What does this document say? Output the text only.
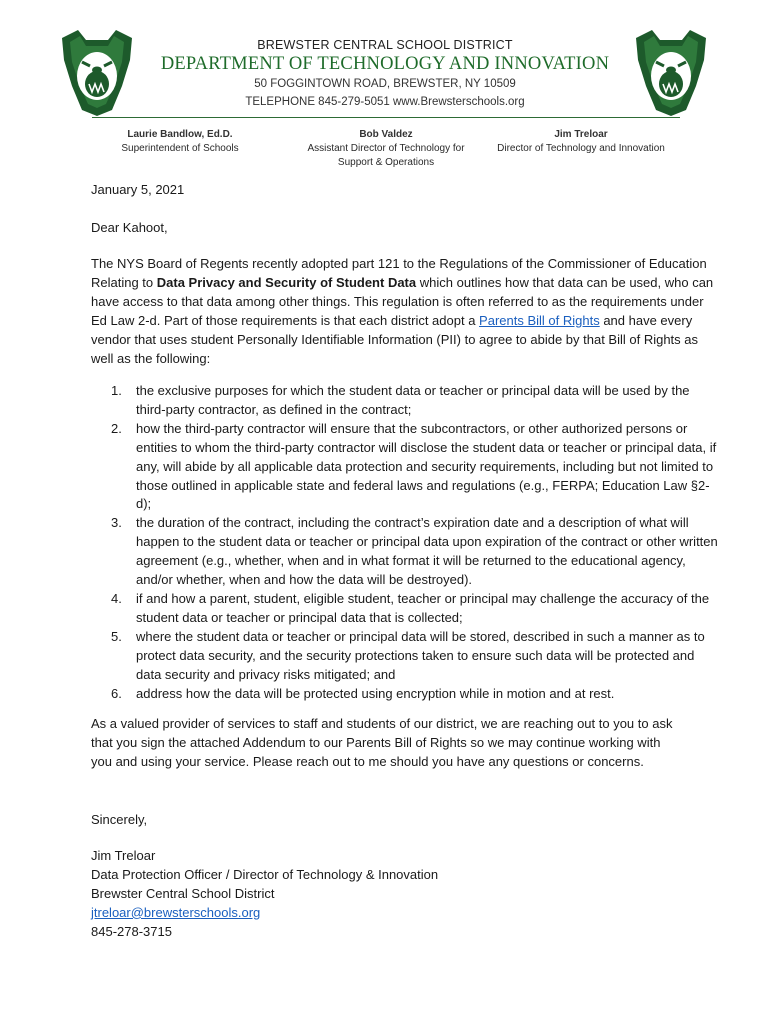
BREWSTER CENTRAL SCHOOL DISTRICT
DEPARTMENT OF TECHNOLOGY AND INNOVATION
50 FOGGINTOWN ROAD, BREWSTER, NY 10509
TELEPHONE 845-279-5051 www.Brewsterschools.org
Laurie Bandlow, Ed.D.
Superintendent of Schools
Bob Valdez
Assistant Director of Technology for
Support & Operations
Jim Treloar
Director of Technology and Innovation
January 5, 2021
Dear Kahoot,

The NYS Board of Regents recently adopted part 121 to the Regulations of the Commissioner of Education Relating to Data Privacy and Security of Student Data which outlines how that data can be used, who can have access to that data among other things. This regulation is often referred to as the requirements under Ed Law 2-d. Part of those requirements is that each district adopt a Parents Bill of Rights and have every vendor that uses student Personally Identifiable Information (PII) to agree to abide by that Bill of Rights as well as the following:

1. the exclusive purposes for which the student data or teacher or principal data will be used by the third-party contractor, as defined in the contract;
2. how the third-party contractor will ensure that the subcontractors, or other authorized persons or entities to whom the third-party contractor will disclose the student data or teacher or principal data, if any, will abide by all applicable data protection and security requirements, including but not limited to those outlined in applicable state and federal laws and regulations (e.g., FERPA; Education Law §2-d);
3. the duration of the contract, including the contract’s expiration date and a description of what will happen to the student data or teacher or principal data upon expiration of the contract or other written agreement (e.g., whether, when and in what format it will be returned to the educational agency, and/or whether, when and how the data will be destroyed).
4. if and how a parent, student, eligible student, teacher or principal may challenge the accuracy of the student data or teacher or principal data that is collected;
5. where the student data or teacher or principal data will be stored, described in such a manner as to protect data security, and the security protections taken to ensure such data will be protected and data security and privacy risks mitigated; and
6. address how the data will be protected using encryption while in motion and at rest.
As a valued provider of services to staff and students of our district, we are reaching out to you to ask that you sign the attached Addendum to our Parents Bill of Rights so we may continue working with you and using your service. Please reach out to me should you have any questions or concerns.
Sincerely,
Jim Treloar
Data Protection Officer / Director of Technology & Innovation
Brewster Central School District
jtreloar@brewsterschools.org
845-278-3715
